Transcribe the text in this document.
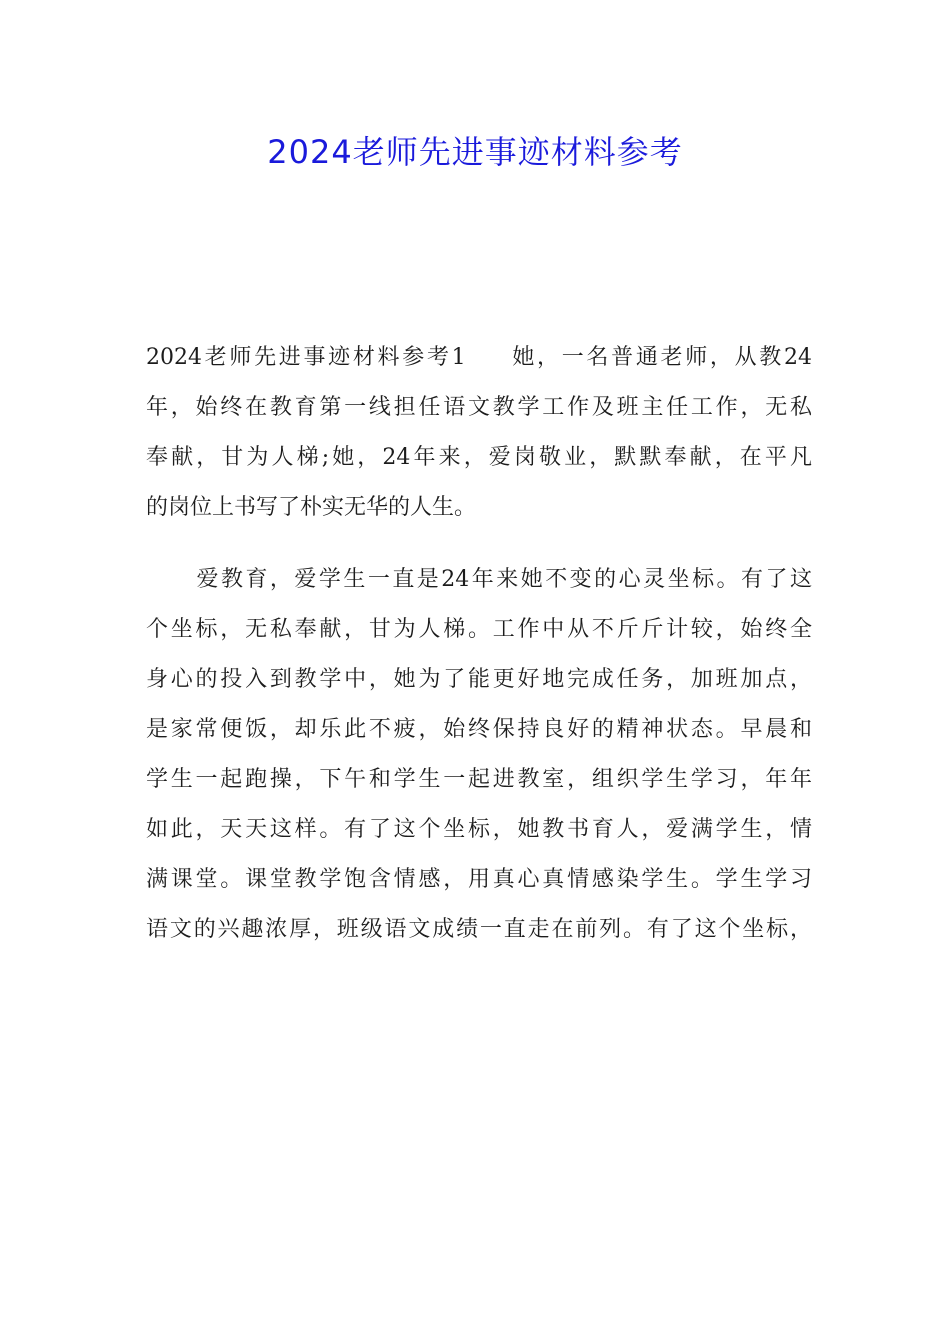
2024老师先进事迹材料参考
2024老师先进事迹材料参考1 她，一名普通老师，从教24
年，始终在教育第一线担任语文教学工作及班主任工作，无私
奉献，甘为人梯;她，24年来，爱岗敬业，默默奉献，在平凡
的岗位上书写了朴实无华的人生。
爱教育，爱学生一直是24年来她不变的心灵坐标。有了这
个坐标，无私奉献，甘为人梯。工作中从不斤斤计较，始终全
身心的投入到教学中，她为了能更好地完成任务，加班加点，
是家常便饭，却乐此不疲，始终保持良好的精神状态。早晨和
学生一起跑操，下午和学生一起进教室，组织学生学习，年年
如此，天天这样。有了这个坐标，她教书育人，爱满学生，情
满课堂。课堂教学饱含情感，用真心真情感染学生。学生学习
语文的兴趣浓厚，班级语文成绩一直走在前列。有了这个坐标，
